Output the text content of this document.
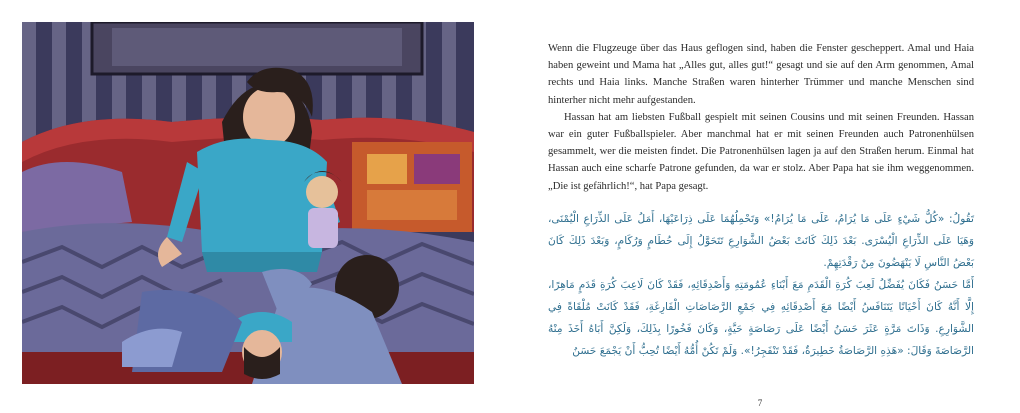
Wenn die Flugzeuge über das Haus geflogen sind, haben die Fenster gescheppert. Amal und Haia haben geweint und Mama hat „Alles gut, alles gut!“ gesagt und sie auf den Arm genommen, Amal rechts und Haia links. Manche Straßen waren hinterher Trümmer und manche Menschen sind hinterher nicht mehr aufgestanden.

Hassan hat am liebsten Fußball gespielt mit seinen Cousins und mit seinen Freunden. Hassan war ein guter Fußballspieler. Aber manchmal hat er mit seinen Freunden auch Patronenhülsen gesammelt, wer die meisten findet. Die Patronenhülsen lagen ja auf den Straßen herum. Einmal hat Hassan auch eine scharfe Patrone gefunden, da war er stolz. Aber Papa hat sie ihm weggenommen. „Die ist gefährlich!“, hat Papa gesagt.

تَقُولُ: «كُلُّ شَيْءٍ عَلَى مَا يُرَامُ، عَلَى مَا يُرَامُ!» وَتَحْمِلُهُمَا عَلَى ذِرَاعَيْهَا، أَمَلُ عَلَى الذِّرَاعِ الْيُمْنَى، وَهَيَا عَلَى الذِّرَاعِ الْيُسْرَى. بَعْدَ ذَلِكَ كَانَتْ بَعْضُ الشَّوَارِعِ تَتَحَوَّلُ إِلَى حُطَامٍ وَرُكَامٍ، وَبَعْدَ ذَلِكَ كَانَ بَعْضُ النَّاسِ لَا يَنْهَضُونَ مِنْ رَقْدَتِهِمْ.

أَمَّا حَسَنُ فَكَانَ يُفَضِّلُ لَعِبَ كُرَةِ الْقَدَمِ مَعَ أَبْنَاءِ عُمُومَتِهِ وَأَصْدِقَائِهِ، فَقَدْ كَانَ لَاعِبَ كُرَةِ قَدَمٍ مَاهِرًا، إِلَّا أَنَّهُ كَانَ أَحْيَانًا يَتَنَافَسُ أَيْضًا مَعَ أَصْدِقَائِهِ فِي جَمْعِ الرَّصَاصَاتِ الْفَارِغَةِ، فَقَدْ كَانَتْ مُلْقَاةً فِي الشَّوَارِعِ. وَذَاتَ مَرَّةٍ عَثَرَ حَسَنُ أَيْضًا عَلَى رَصَاصَةٍ حَيَّةٍ، وَكَانَ فَخُورًا بِذَلِكَ، وَلَكِنَّ أَبَاهُ أَخَذَ مِنْهُ الرَّصَاصَةَ وَقَالَ: «هَذِهِ الرَّصَاصَةُ خَطِيرَةٌ، فَقَدْ تَنْفَجِرُ!». وَلَمْ تَكُنْ أُمُّهُ أَيْضًا تُحِبُّ أَنْ يَجْمَعَ حَسَنُ

7
